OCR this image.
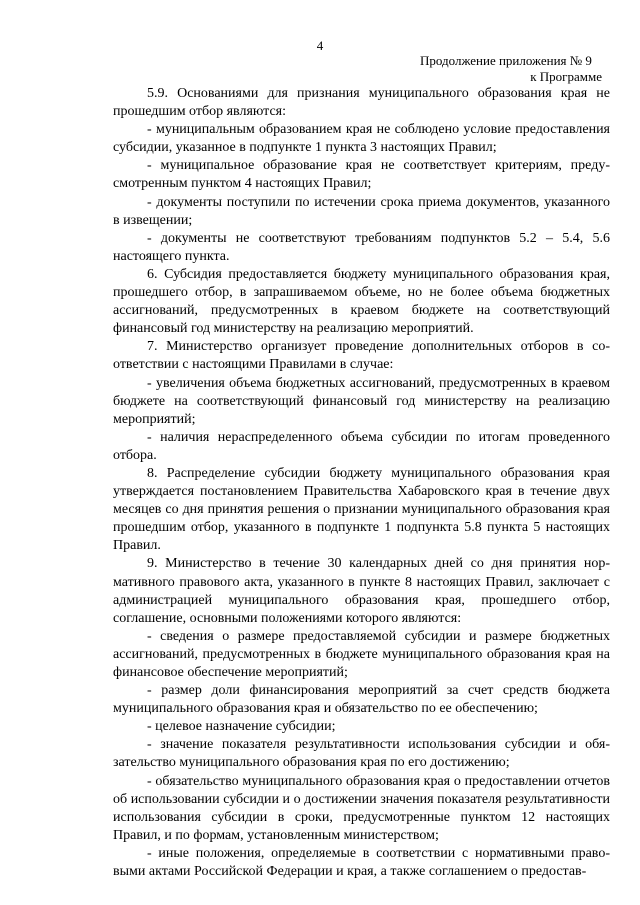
4
Продолжение приложения № 9
к Программе

5.9. Основаниями для признания муниципального образования края не прошедшим отбор являются:

- муниципальным образованием края не соблюдено условие предоставления субсидии, указанное в подпункте 1 пункта 3 настоящих Правил;

- муниципальное образование края не соответствует критериям, предусмотренным пунктом 4 настоящих Правил;

- документы поступили по истечении срока приема документов, указанного в извещении;

- документы не соответствуют требованиям подпунктов 5.2 – 5.4, 5.6 настоящего пункта.

6. Субсидия предоставляется бюджету муниципального образования края, прошедшего отбор, в запрашиваемом объеме, но не более объема бюджетных ассигнований, предусмотренных в краевом бюджете на соответствующий финансовый год министерству на реализацию мероприятий.

7. Министерство организует проведение дополнительных отборов в соответствии с настоящими Правилами в случае:

- увеличения объема бюджетных ассигнований, предусмотренных в краевом бюджете на соответствующий финансовый год министерству на реализацию мероприятий;

- наличия нераспределенного объема субсидии по итогам проведенного отбора.

8. Распределение субсидии бюджету муниципального образования края утверждается постановлением Правительства Хабаровского края в течение двух месяцев со дня принятия решения о признании муниципального образования края прошедшим отбор, указанного в подпункте 1 подпункта 5.8 пункта 5 настоящих Правил.

9. Министерство в течение 30 календарных дней со дня принятия нормативного правового акта, указанного в пункте 8 настоящих Правил, заключает с администрацией муниципального образования края, прошедшего отбор, соглашение, основными положениями которого являются:

- сведения о размере предоставляемой субсидии и размере бюджетных ассигнований, предусмотренных в бюджете муниципального образования края на финансовое обеспечение мероприятий;

- размер доли финансирования мероприятий за счет средств бюджета муниципального образования края и обязательство по ее обеспечению;

- целевое назначение субсидии;

- значение показателя результативности использования субсидии и обязательство муниципального образования края по его достижению;

- обязательство муниципального образования края о предоставлении отчетов об использовании субсидии и о достижении значения показателя результативности использования субсидии в сроки, предусмотренные пунктом 12 настоящих Правил, и по формам, установленным министерством;

- иные положения, определяемые в соответствии с нормативными правовыми актами Российской Федерации и края, а также соглашением о предостав-
